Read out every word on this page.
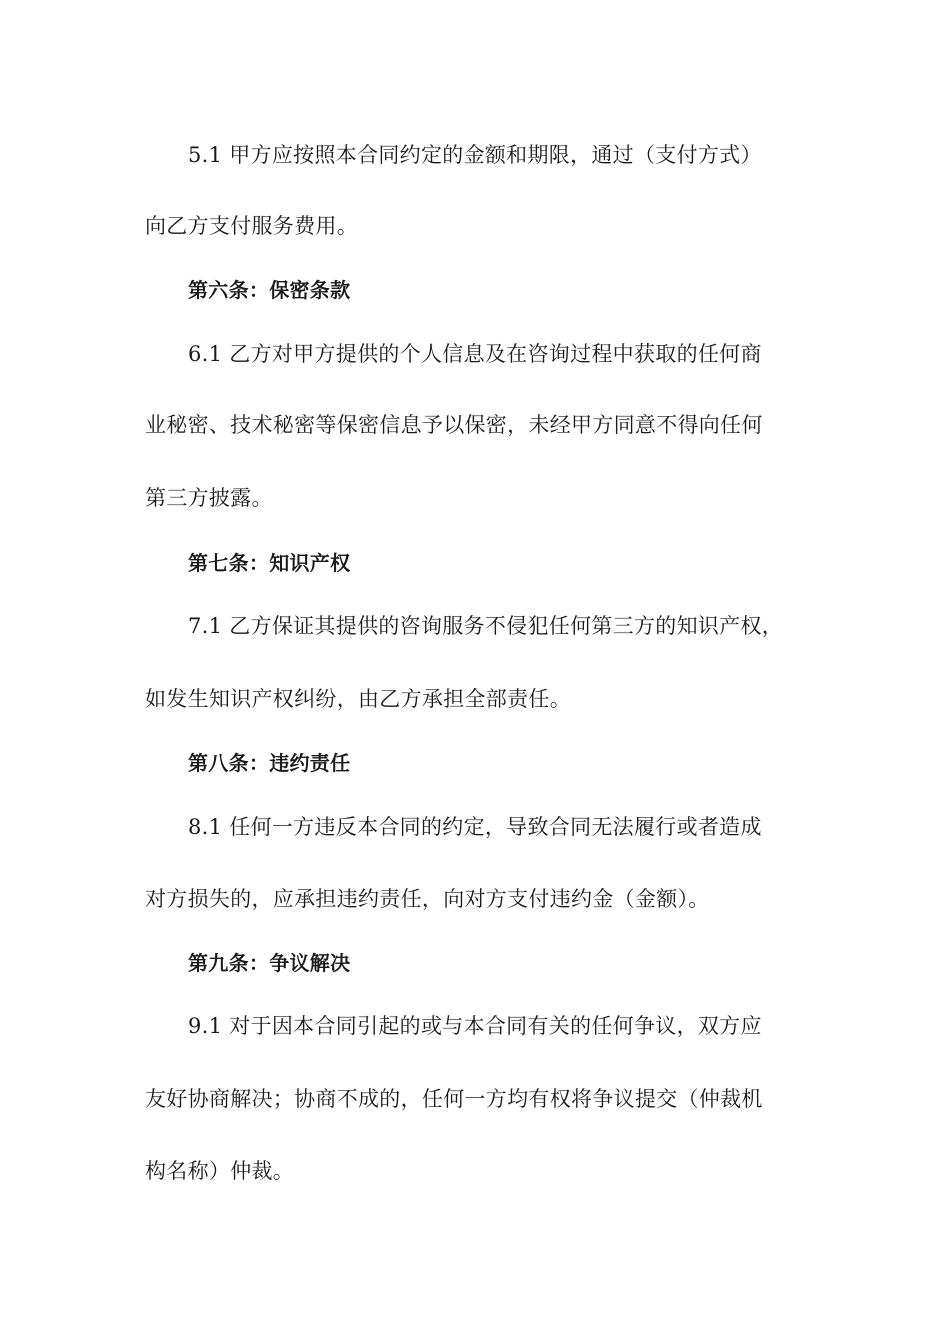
5.1 甲方应按照本合同约定的金额和期限，通过（支付方式）
向乙方支付服务费用。
第六条：保密条款
6.1 乙方对甲方提供的个人信息及在咨询过程中获取的任何商
业秘密、技术秘密等保密信息予以保密，未经甲方同意不得向任何
第三方披露。
第七条：知识产权
7.1 乙方保证其提供的咨询服务不侵犯任何第三方的知识产权，
如发生知识产权纠纷，由乙方承担全部责任。
第八条：违约责任
8.1 任何一方违反本合同的约定，导致合同无法履行或者造成
对方损失的，应承担违约责任，向对方支付违约金（金额）。
第九条：争议解决
9.1 对于因本合同引起的或与本合同有关的任何争议，双方应
友好协商解决；协商不成的，任何一方均有权将争议提交（仲裁机
构名称）仲裁。
